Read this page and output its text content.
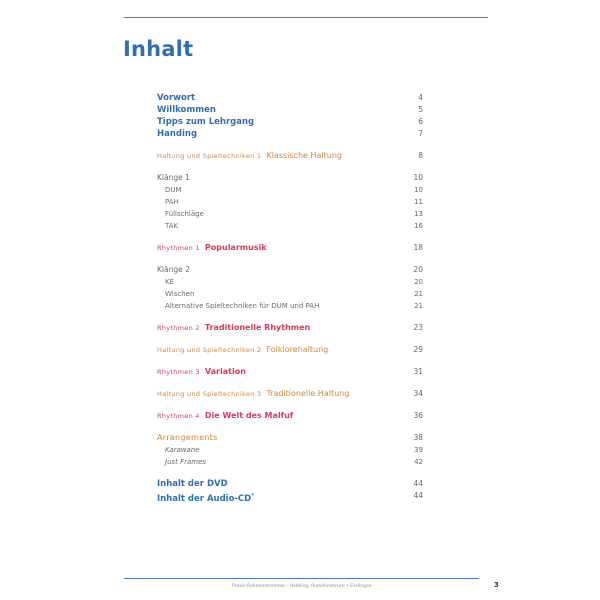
Inhalt
Vorwort	4
Willkommen	5
Tipps zum Lehrgang	6
Handing	7
Haltung und Spieltechniken 1 Klassische Haltung	8
Klänge 1	10
DUM	10
PAH	11
Füllschläge	13
TAK	16
Rhythmen 1 Popularmusik	18
Klänge 2	20
KE	20
Wischen	21
Alternative Spieltechniken für DUM und PAH	21
Rhythmen 2 Traditionelle Rhythmen	23
Haltung und Spieltechniken 2 Folklorehaltung	29
Rhythmen 3 Variation	31
Haltung und Spieltechniken 3 Traditionelle Haltung	34
Rhythmen 4 Die Welt des Malfuf	36
Arrangements	38
Karawane	39
Just Frames	42
Inhalt der DVD	44
Inhalt der Audio-CD*	44
Praxis Rahmentrommel – Helbling, Rum/Innsbruck • Esslingen	3
